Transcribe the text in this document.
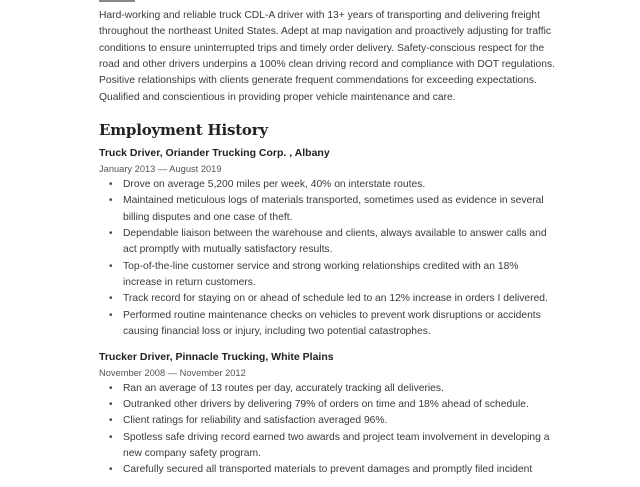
Hard-working and reliable truck CDL-A driver with 13+ years of transporting and delivering freight
throughout the northeast United States. Adept at map navigation and proactively adjusting for traffic
conditions to ensure uninterrupted trips and timely order delivery. Safety-conscious respect for the
road and other drivers underpins a 100% clean driving record and compliance with DOT regulations.
Positive relationships with clients generate frequent commendations for exceeding expectations.
Qualified and conscientious in providing proper vehicle maintenance and care.
Employment History
Truck Driver, Oriander Trucking Corp. , Albany
January 2013 — August 2019
• Drove on average 5,200 miles per week, 40% on interstate routes.
• Maintained meticulous logs of materials transported, sometimes used as evidence in several
billing disputes and one case of theft.
• Dependable liaison between the warehouse and clients, always available to answer calls and
act promptly with mutually satisfactory results.
• Top-of-the-line customer service and strong working relationships credited with an 18%
increase in return customers.
• Track record for staying on or ahead of schedule led to an 12% increase in orders I delivered.
• Performed routine maintenance checks on vehicles to prevent work disruptions or accidents
causing financial loss or injury, including two potential catastrophes.
Trucker Driver, Pinnacle Trucking, White Plains
November 2008 — November 2012
• Ran an average of 13 routes per day, accurately tracking all deliveries.
• Outranked other drivers by delivering 79% of orders on time and 18% ahead of schedule.
• Client ratings for reliability and satisfaction averaged 96%.
• Spotless safe driving record earned two awards and project team involvement in developing a
new company safety program.
• Carefully secured all transported materials to prevent damages and promptly filed incident
